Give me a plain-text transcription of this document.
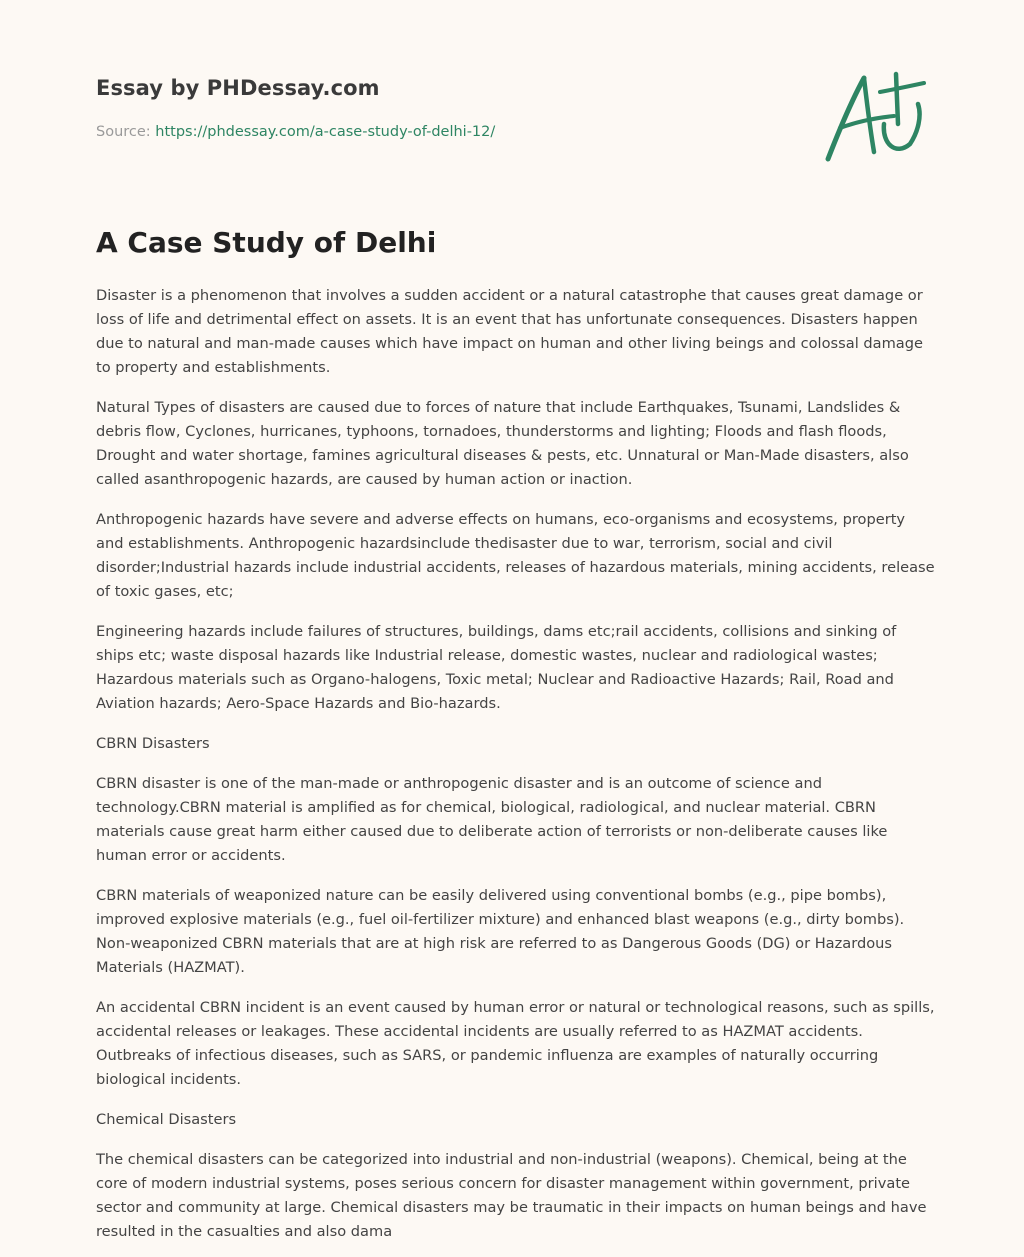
Essay by PHDessay.com
Source: https://phdessay.com/a-case-study-of-delhi-12/
A Case Study of Delhi

Disaster is a phenomenon that involves a sudden accident or a natural catastrophe that causes great damage or loss of life and detrimental effect on assets. It is an event that has unfortunate consequences. Disasters happen due to natural and man-made causes which have impact on human and other living beings and colossal damage to property and establishments.

Natural Types of disasters are caused due to forces of nature that include Earthquakes, Tsunami, Landslides & debris flow, Cyclones, hurricanes, typhoons, tornadoes, thunderstorms and lighting; Floods and flash floods, Drought and water shortage, famines agricultural diseases & pests, etc. Unnatural or Man-Made disasters, also called asanthropogenic hazards, are caused by human action or inaction.

Anthropogenic hazards have severe and adverse effects on humans, eco-organisms and ecosystems, property and establishments. Anthropogenic hazardsinclude thedisaster due to war, terrorism, social and civil disorder;Industrial hazards include industrial accidents, releases of hazardous materials, mining accidents, release of toxic gases, etc;

Engineering hazards include failures of structures, buildings, dams etc;rail accidents, collisions and sinking of ships etc; waste disposal hazards like Industrial release, domestic wastes, nuclear and radiological wastes; Hazardous materials such as Organo-halogens, Toxic metal; Nuclear and Radioactive Hazards; Rail, Road and Aviation hazards; Aero-Space Hazards and Bio-hazards.

CBRN Disasters

CBRN disaster is one of the man-made or anthropogenic disaster and is an outcome of science and technology.CBRN material is amplified as for chemical, biological, radiological, and nuclear material. CBRN materials cause great harm either caused due to deliberate action of terrorists or non-deliberate causes like human error or accidents.

CBRN materials of weaponized nature can be easily delivered using conventional bombs (e.g., pipe bombs), improved explosive materials (e.g., fuel oil-fertilizer mixture) and enhanced blast weapons (e.g., dirty bombs). Non-weaponized CBRN materials that are at high risk are referred to as Dangerous Goods (DG) or Hazardous Materials (HAZMAT).

An accidental CBRN incident is an event caused by human error or natural or technological reasons, such as spills, accidental releases or leakages. These accidental incidents are usually referred to as HAZMAT accidents. Outbreaks of infectious diseases, such as SARS, or pandemic influenza are examples of naturally occurring biological incidents.

Chemical Disasters

The chemical disasters can be categorized into industrial and non-industrial (weapons). Chemical, being at the core of modern industrial systems, poses serious concern for disaster management within government, private sector and community at large. Chemical disasters may be traumatic in their impacts on human beings and have resulted in the casualties and also dama
